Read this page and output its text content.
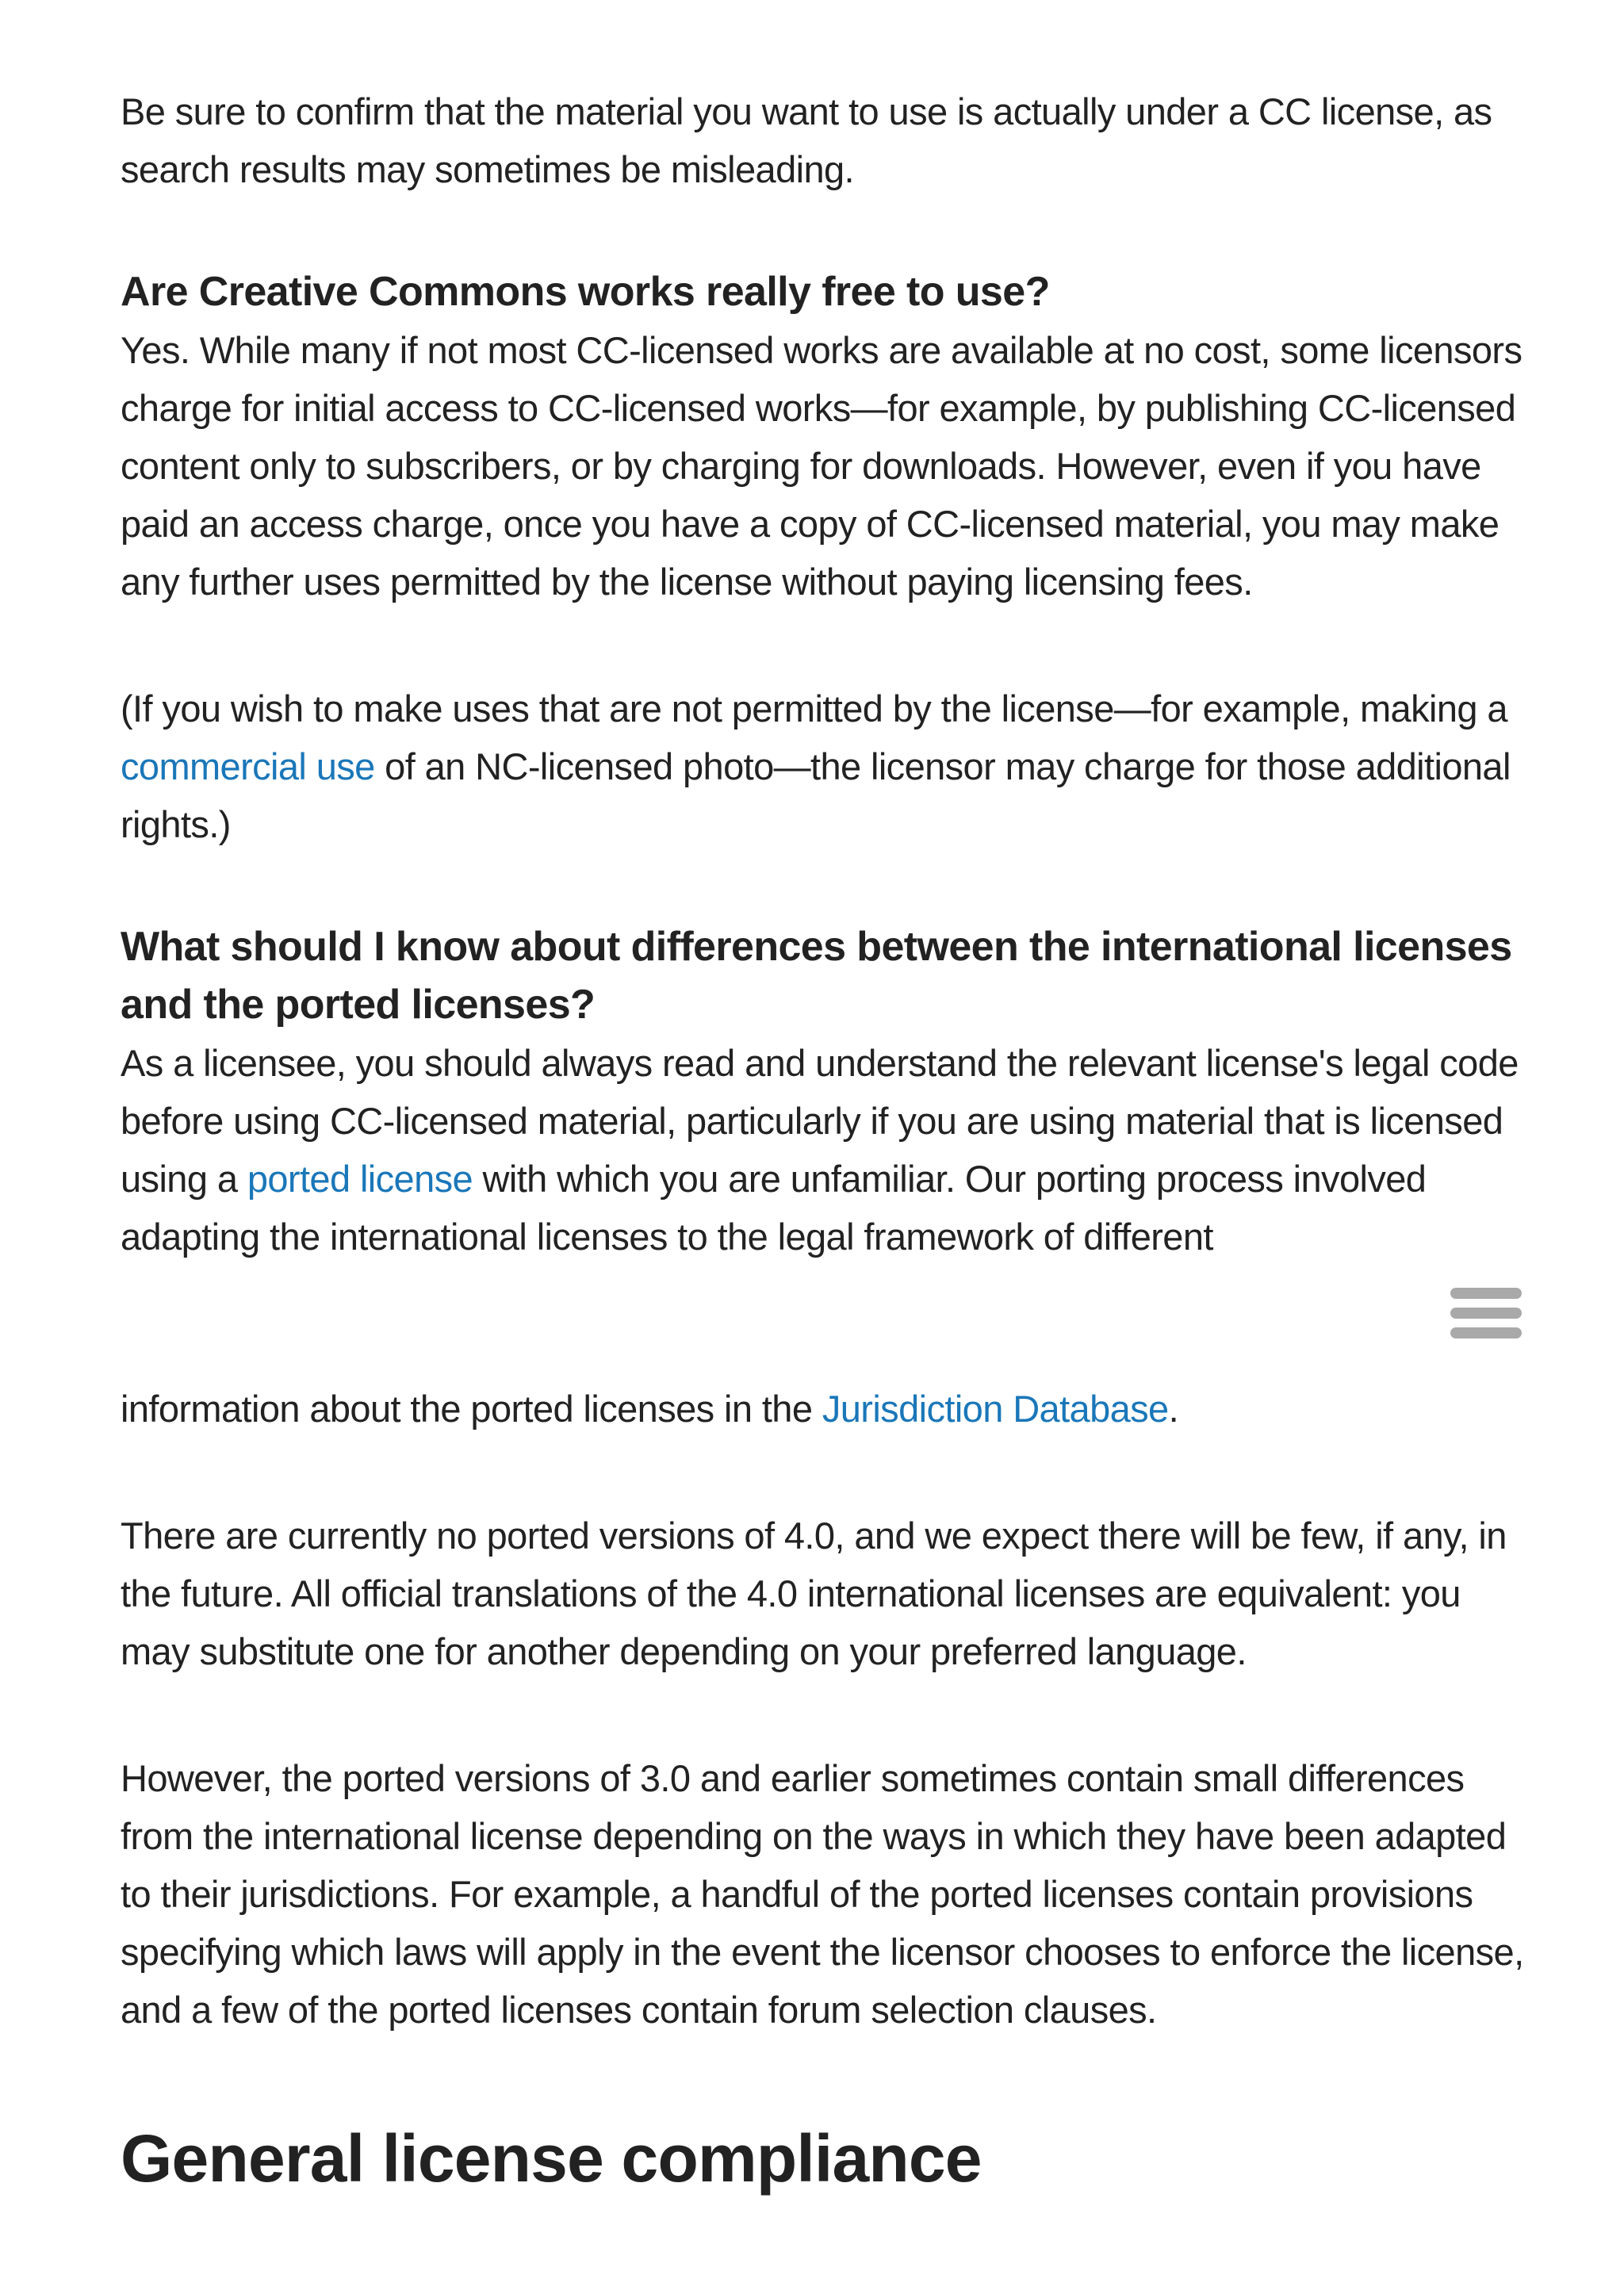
Be sure to confirm that the material you want to use is actually under a CC license, as search results may sometimes be misleading.

Are Creative Commons works really free to use?

Yes. While many if not most CC-licensed works are available at no cost, some licensors charge for initial access to CC-licensed works—for example, by publishing CC-licensed content only to subscribers, or by charging for downloads. However, even if you have paid an access charge, once you have a copy of CC-licensed material, you may make any further uses permitted by the license without paying licensing fees.

(If you wish to make uses that are not permitted by the license—for example, making a commercial use of an NC-licensed photo—the licensor may charge for those additional rights.)

What should I know about differences between the international licenses and the ported licenses?

As a licensee, you should always read and understand the relevant license's legal code before using CC-licensed material, particularly if you are using material that is licensed using a ported license with which you are unfamiliar. Our porting process involved adapting the international licenses to the legal framework of different

information about the ported licenses in the Jurisdiction Database.

There are currently no ported versions of 4.0, and we expect there will be few, if any, in the future. All official translations of the 4.0 international licenses are equivalent: you may substitute one for another depending on your preferred language.

However, the ported versions of 3.0 and earlier sometimes contain small differences from the international license depending on the ways in which they have been adapted to their jurisdictions. For example, a handful of the ported licenses contain provisions specifying which laws will apply in the event the licensor chooses to enforce the license, and a few of the ported licenses contain forum selection clauses.

General license compliance
